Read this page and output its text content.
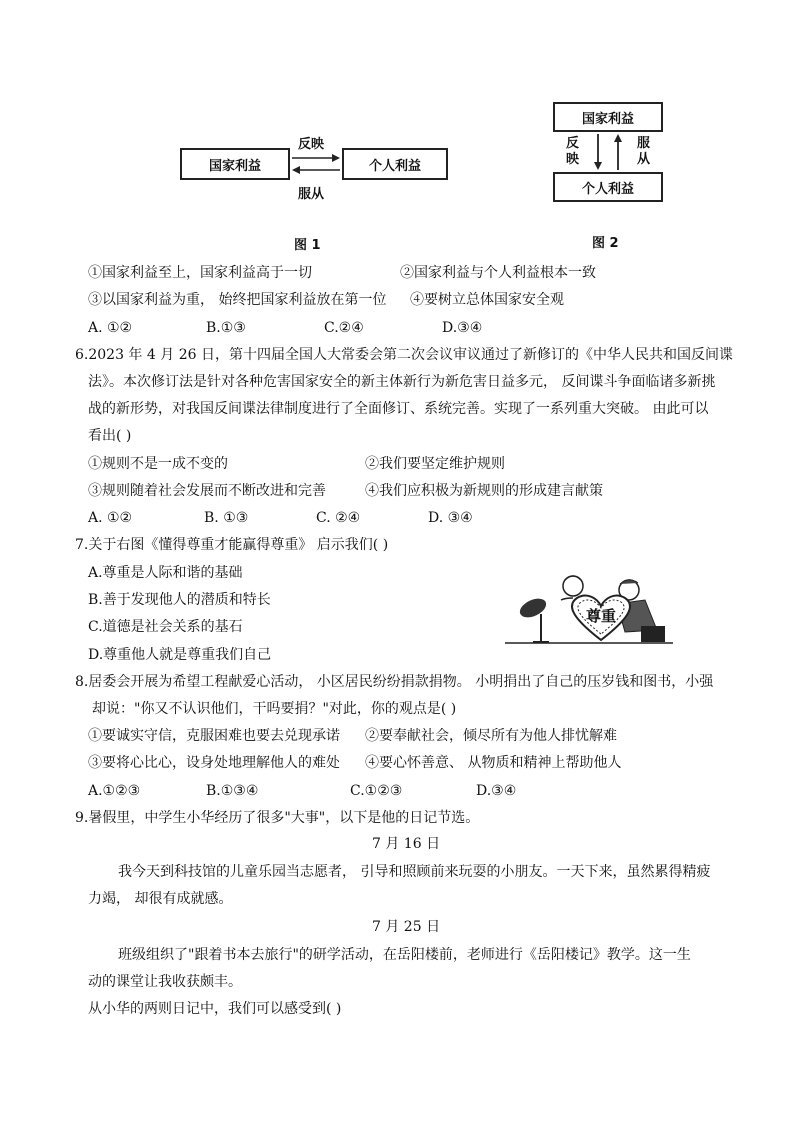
国家利益	个人利益
反映
服从
图 1
国家利益
个人利益
反映
服从
图 2
①国家利益至上，国家利益高于一切	②国家利益与个人利益根本一致
③以国家利益为重， 始终把国家利益放在第一位 ④要树立总体国家安全观
A. ①②	B.①③	C.②④	D.③④
6.2023 年 4 月 26 日，第十四届全国人大常委会第二次会议审议通过了新修订的《中华人民共和国反间谍
法》。本次修订法是针对各种危害国家安全的新主体新行为新危害日益多元， 反间谍斗争面临诸多新挑
战的新形势，对我国反间谍法律制度进行了全面修订、系统完善。实现了一系列重大突破。 由此可以
看出( )
①规则不是一成不变的	②我们要坚定维护规则
③规则随着社会发展而不断改进和完善	④我们应积极为新规则的形成建言献策
A. ①②	B. ①③	C. ②④	D. ③④
7.关于右图《懂得尊重才能赢得尊重》 启示我们( )
A.尊重是人际和谐的基础
B.善于发现他人的潜质和特长
C.道德是社会关系的基石
D.尊重他人就是尊重我们自己
尊重
8.居委会开展为希望工程献爱心活动， 小区居民纷纷捐款捐物。 小明捐出了自己的压岁钱和图书，小强
却说："你又不认识他们，干吗要捐？"对此，你的观点是( )
①要诚实守信，克服困难也要去兑现承诺 ②要奉献社会，倾尽所有为他人排忧解难
③要将心比心，设身处地理解他人的难处 ④要心怀善意、 从物质和精神上帮助他人
A.①②③	B.①③④	C.①②③	D.③④
9.暑假里，中学生小华经历了很多"大事"，以下是他的日记节选。
7 月 16 日
我今天到科技馆的儿童乐园当志愿者， 引导和照顾前来玩耍的小朋友。一天下来，虽然累得精疲
力竭， 却很有成就感。
7 月 25 日
班级组织了"跟着书本去旅行"的研学活动，在岳阳楼前，老师进行《岳阳楼记》教学。这一生
动的课堂让我收获颇丰。
从小华的两则日记中，我们可以感受到( )
